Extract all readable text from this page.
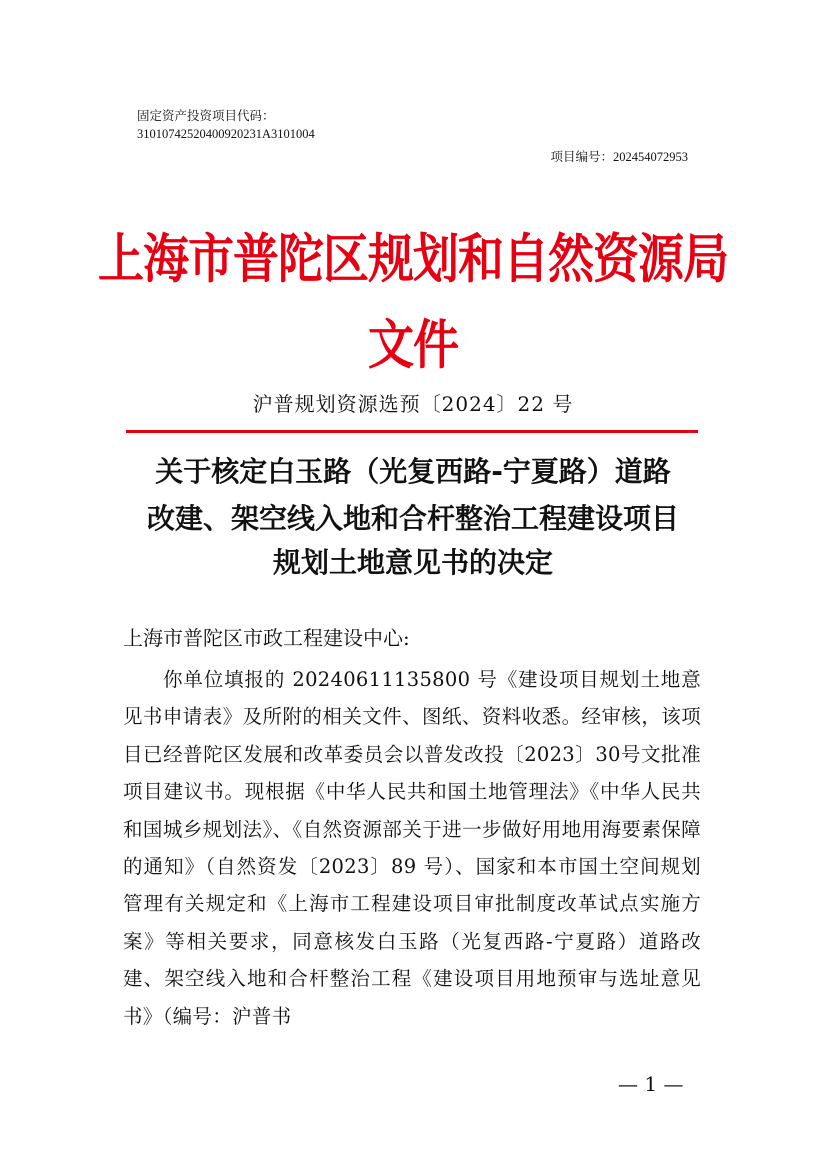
固定资产投资项目代码：
31010742520400920231A3101004
项目编号：202454072953
上海市普陀区规划和自然资源局
文件
沪普规划资源选预〔2024〕22 号
关于核定白玉路（光复西路-宁夏路）道路
改建、架空线入地和合杆整治工程建设项目
规划土地意见书的决定
上海市普陀区市政工程建设中心:
你单位填报的 20240611135800 号《建设项目规划土地意见书申请表》及所附的相关文件、图纸、资料收悉。经审核，该项目已经普陀区发展和改革委员会以普发改投〔2023〕30号文批准项目建议书。现根据《中华人民共和国土地管理法》《中华人民共和国城乡规划法》、《自然资源部关于进一步做好用地用海要素保障的通知》（自然资发〔2023〕89 号）、国家和本市国土空间规划管理有关规定和《上海市工程建设项目审批制度改革试点实施方案》等相关要求，同意核发白玉路（光复西路-宁夏路）道路改建、架空线入地和合杆整治工程《建设项目用地预审与选址意见书》（编号：沪普书
— 1 —
